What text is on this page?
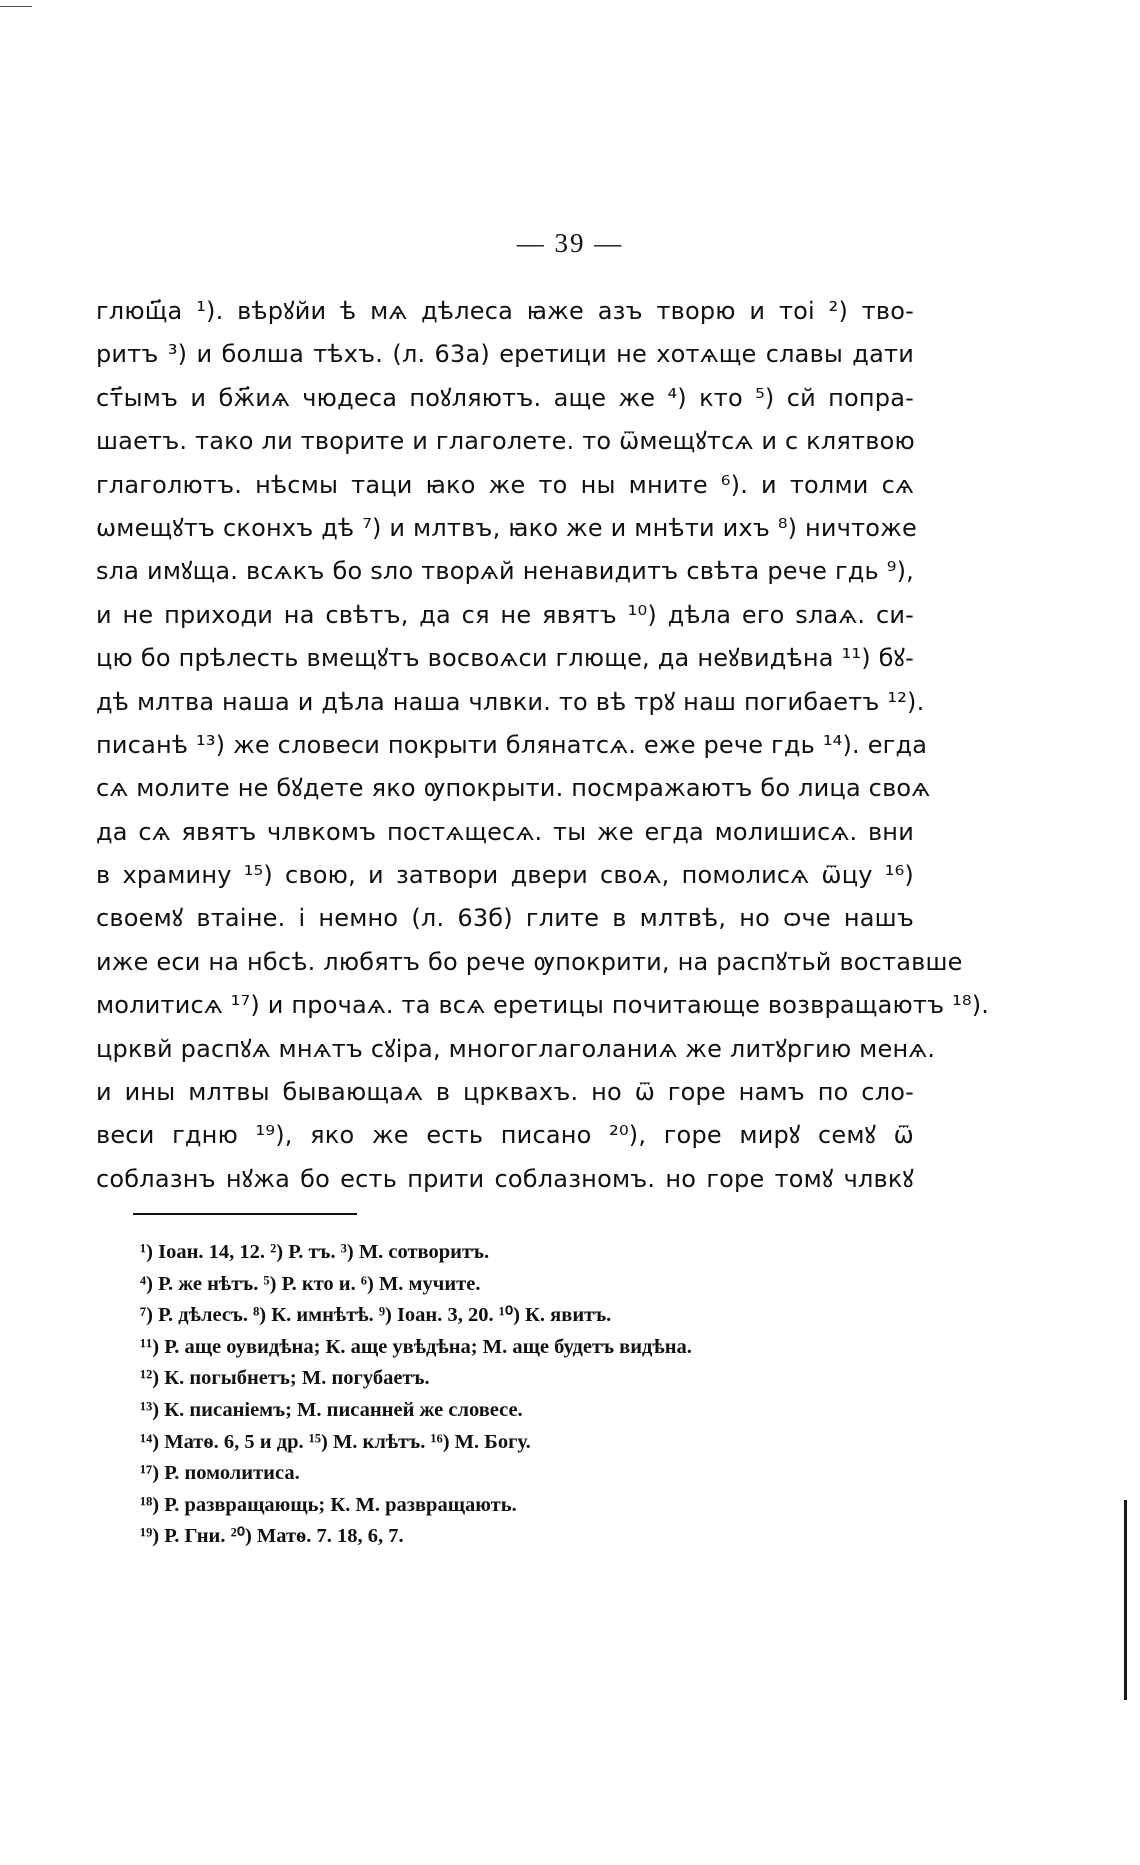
— 39 —
глющ҃а ¹). вѣрꙋйи ѣ мѧ дѣлеса ꙗже азъ творю и тоі ²) тво-
ритъ ³) и болша тѣхъ. (л. 63а) еретици не хотѧще славы дати
ст҃ымъ и бж҃иѧ чюдеса поꙋляютъ. аще же ⁴) кто ⁵) сй попра-
шаетъ. тако ли творите и глаголете. то ѿмещꙋтсѧ и с клятвою
глаголютъ. нѣсмы таци ꙗко же то ны мните ⁶). и толми сѧ
ѡмещꙋтъ сконхъ дѣ ⁷) и млтвъ, ꙗко же и мнѣти ихъ ⁸) ничтоже
ѕла имꙋща. всѧкъ бо ѕло творѧй ненавидитъ свѣта рече гдь ⁹),
и не приходи на свѣтъ, да ся не явятъ ¹⁰) дѣла его ѕлаѧ. си-
цю бо прѣлесть вмещꙋтъ восвоѧси глюще, да неꙋвидѣна ¹¹) бꙋ-
дѣ млтва наша и дѣла наша члвки. то вѣ трꙋ наш погибаетъ ¹²).
писанѣ ¹³) же словеси покрыти блянатсѧ. еже рече гдь ¹⁴). егда
сѧ молите не бꙋдете яко ѹпокрыти. посмражаютъ бо лица своѧ
да сѧ явятъ члвкомъ постѧщесѧ. ты же егда молишисѧ. вни
в храмину ¹⁵) свою, и затвори двери своѧ, помолисѧ ѿцу ¹⁶)
своемꙋ втаіне. і немно (л. 63б) глите в млтвѣ, но ѻче нашъ
иже еси на нбсѣ. любятъ бо рече ѹпокрити, на распꙋтьй воставше
молитисѧ ¹⁷) и прочаѧ. та всѧ еретицы почитающе возвращаютъ ¹⁸).
црквй распꙋѧ мнѧтъ сꙋіра, многоглаголаниѧ же литꙋргию менѧ.
и ины млтвы бывающаѧ в црквахъ. но ѿ горе намъ по сло-
веси гдню ¹⁹), яко же есть писано ²⁰), горе мирꙋ семꙋ ѿ
соблазнъ нꙋжа бо есть прити соблазномъ. но горе томꙋ члвкꙋ
¹) Іоан. 14, 12. ²) Р. тъ. ³) М. сотворитъ.
⁴) Р. же нѣтъ. ⁵) Р. кто и. ⁶) М. мучите.
⁷) Р. дѣлесъ. ⁸) К. имнѣтѣ. ⁹) Іоан. 3, 20. ¹⁰) К. явитъ.
¹¹) Р. аще оувидѣна; К. аще увѣдѣна; М. аще будетъ видѣна.
¹²) К. погыбнетъ; М. погубаетъ.
¹³) К. писаніемъ; М. писанней же словесе.
¹⁴) Матѳ. 6, 5 и др. ¹⁵) М. клѣтъ. ¹⁶) М. Богу.
¹⁷) Р. помолитиса.
¹⁸) Р. развращающь; К. М. развращають.
¹⁹) Р. Гни. ²⁰) Матѳ. 7. 18, 6, 7.
